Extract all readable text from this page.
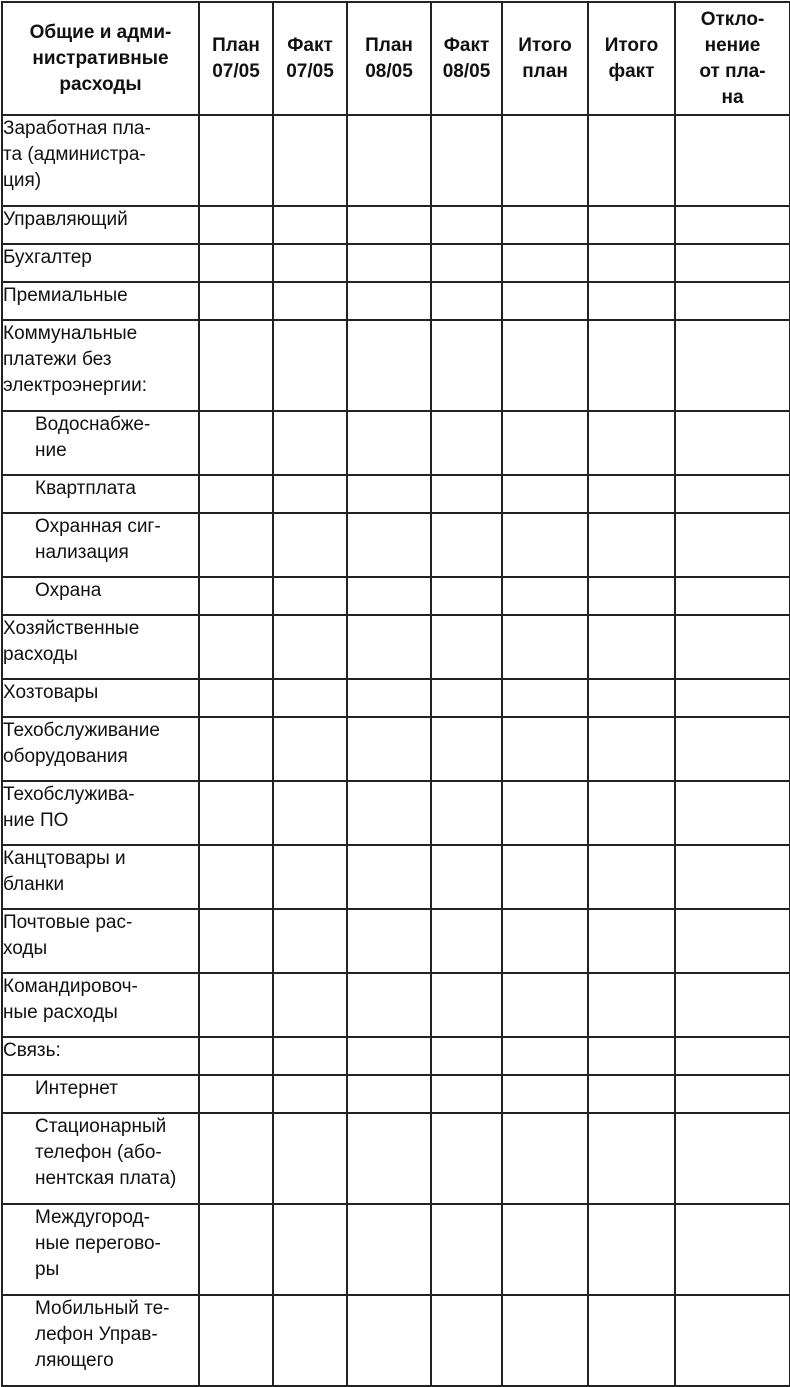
Общие и адми-
нистративные
расходы	План
07/05	Факт
07/05	План
08/05	Факт
08/05	Итого
план	Итого
факт	Откло-
нение
от пла-
на

Заработная пла-
та (администра-
ция)							

Управляющий							

Бухгалтер							

Премиальные							

Коммунальные
платежи без
электроэнергии:							

Водоснабже-
ние							

Квартплата							

Охранная сиг-
нализация							

Охрана							

Хозяйственные
расходы							

Хозтовары							

Техобслуживание
оборудования							

Техобслужива-
ние ПО							

Канцтовары и
бланки							

Почтовые рас-
ходы							

Командировоч-
ные расходы							

Связь:							

Интернет							

Стационарный
телефон (або-
нентская плата)							

Междугород-
ные перегово-
ры							

Мобильный те-
лефон Управ-
ляющего							
